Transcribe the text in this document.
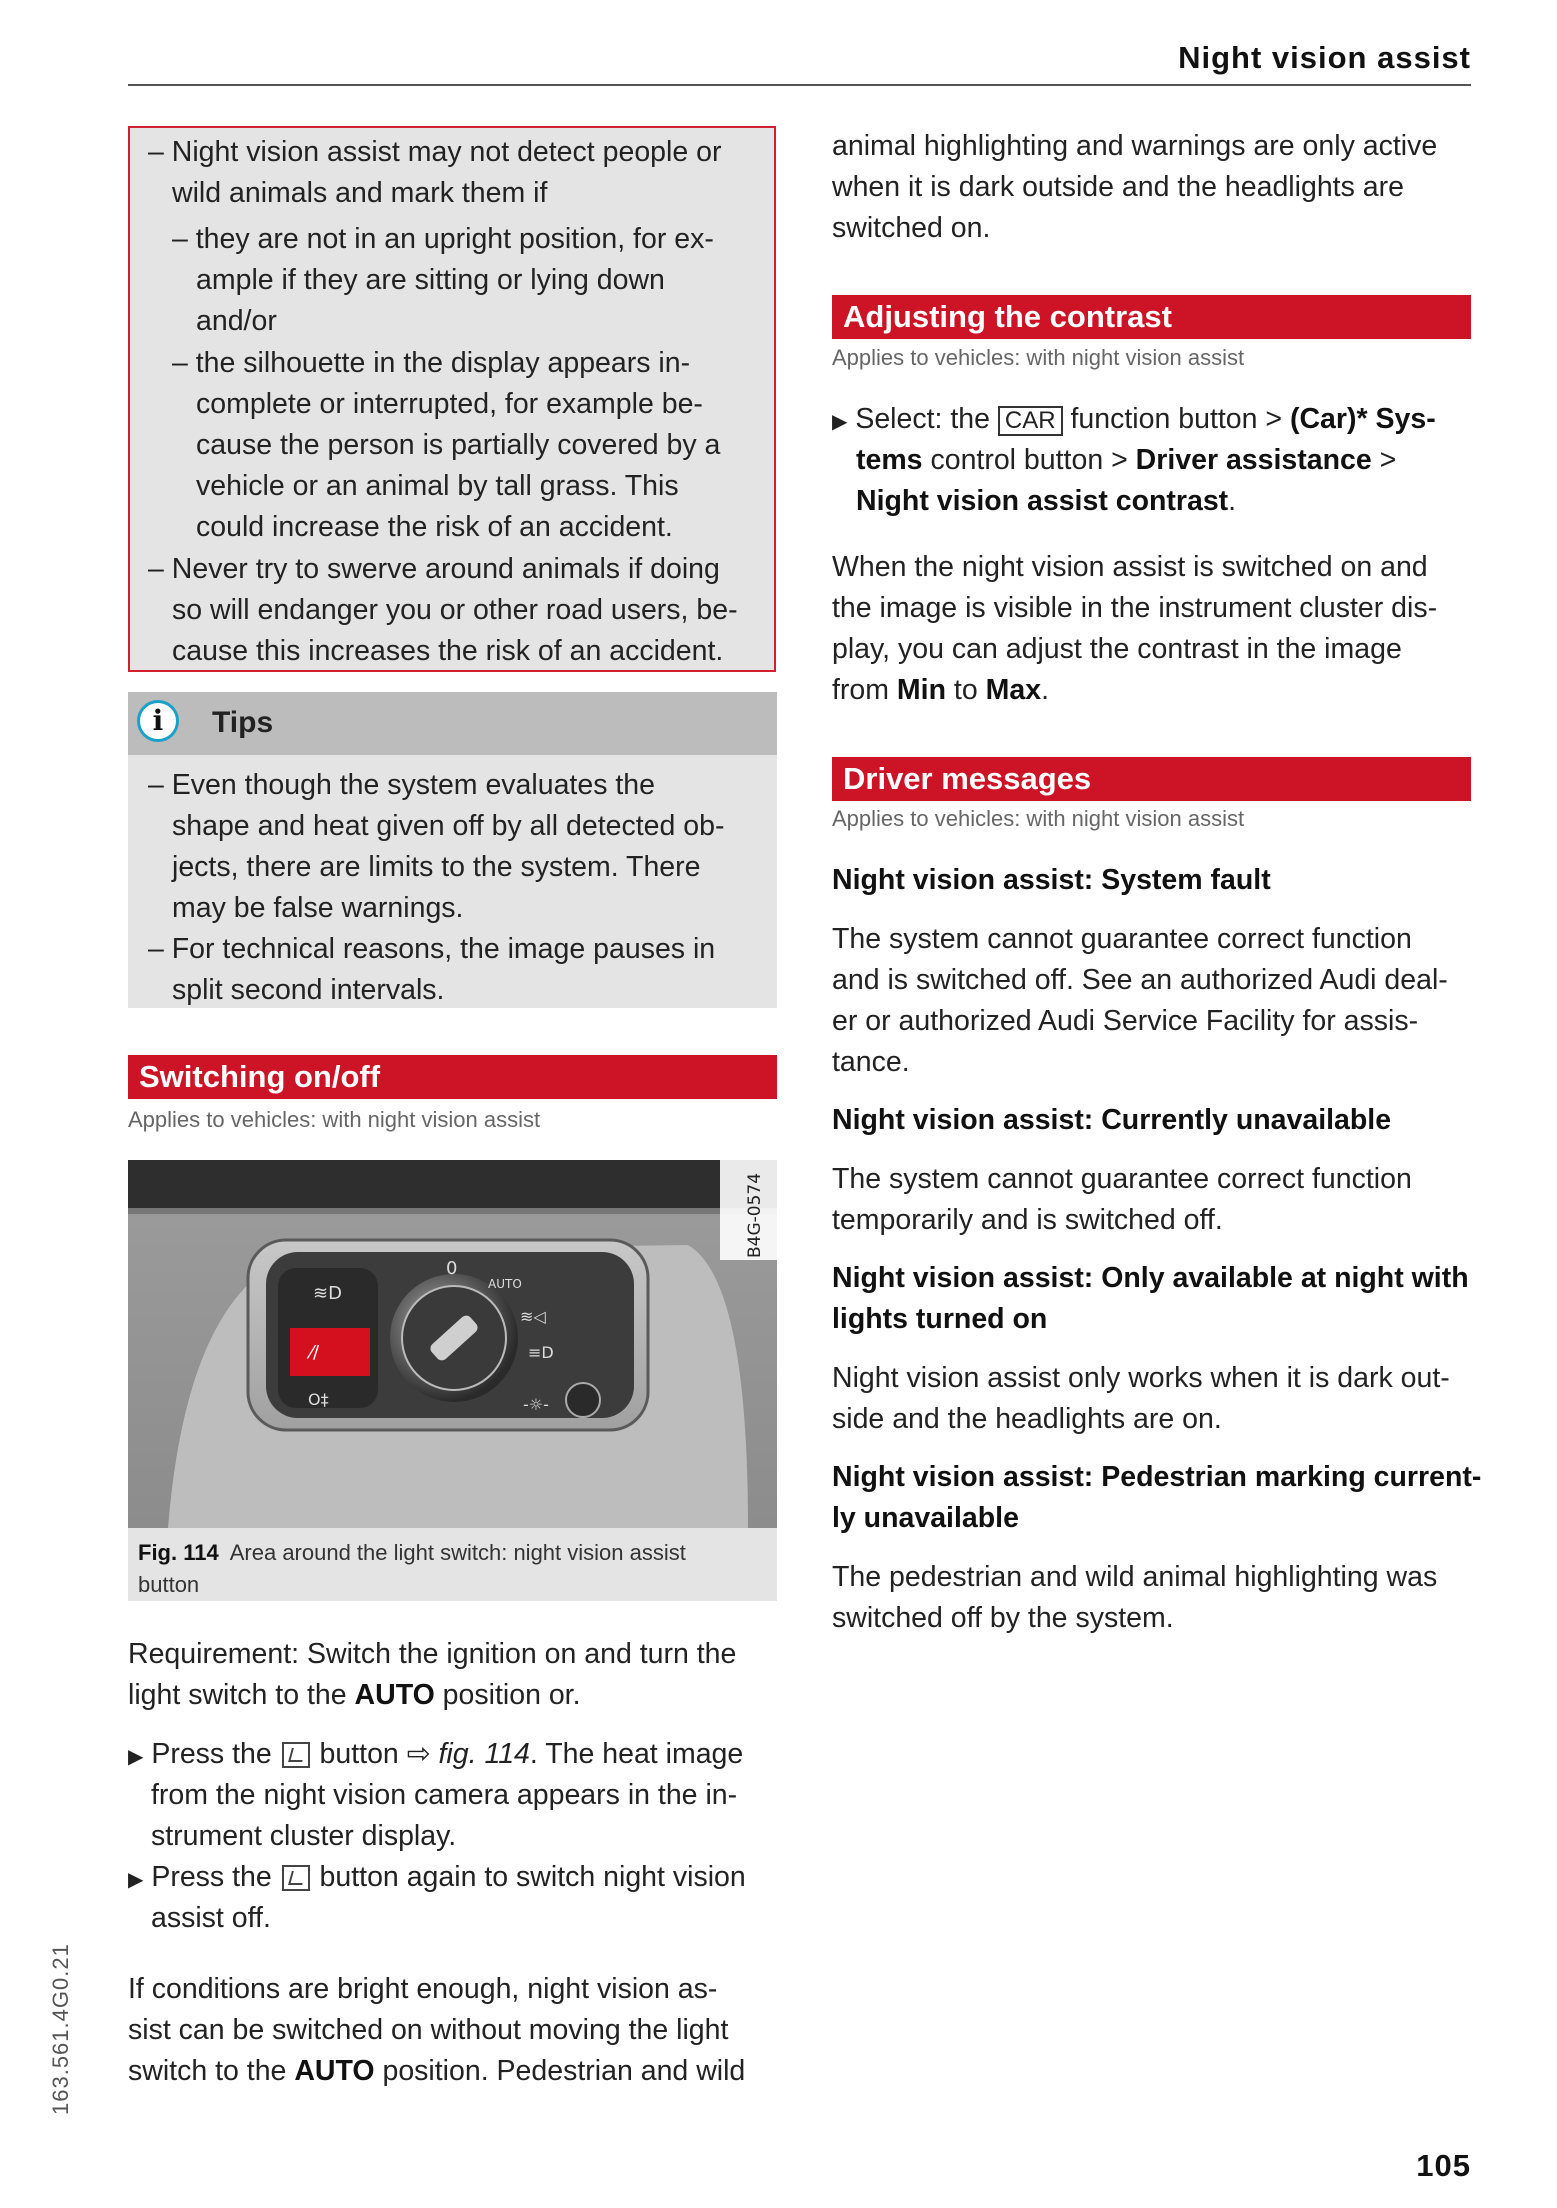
Night vision assist
– Night vision assist may not detect people or
wild animals and mark them if
– they are not in an upright position, for ex-
ample if they are sitting or lying down
and/or
– the silhouette in the display appears in-
complete or interrupted, for example be-
cause the person is partially covered by a
vehicle or an animal by tall grass. This
could increase the risk of an accident.
– Never try to swerve around animals if doing
so will endanger you or other road users, be-
cause this increases the risk of an accident.
i	Tips
– Even though the system evaluates the
shape and heat given off by all detected ob-
jects, there are limits to the system. There
may be false warnings.
– For technical reasons, the image pauses in
split second intervals.
Switching on/off
Applies to vehicles: with night vision assist
≋D
⁄/
O‡
0
AUTO
≋◁
≡D
-☼-
B4G-0574
Fig. 114 Area around the light switch: night vision assist
button
Requirement: Switch the ignition on and turn the
light switch to the AUTO position or.
▶ Press the button ⇨ fig. 114. The heat image
from the night vision camera appears in the in-
strument cluster display.
▶ Press the button again to switch night vision
assist off.
If conditions are bright enough, night vision as-
sist can be switched on without moving the light
switch to the AUTO position. Pedestrian and wild
animal highlighting and warnings are only active
when it is dark outside and the headlights are
switched on.
Adjusting the contrast
Applies to vehicles: with night vision assist
▶ Select: the CAR function button > (Car)* Sys-
tems control button > Driver assistance >
Night vision assist contrast.
When the night vision assist is switched on and
the image is visible in the instrument cluster dis-
play, you can adjust the contrast in the image
from Min to Max.
Driver messages
Applies to vehicles: with night vision assist
Night vision assist: System fault
The system cannot guarantee correct function
and is switched off. See an authorized Audi deal-
er or authorized Audi Service Facility for assis-
tance.
Night vision assist: Currently unavailable
The system cannot guarantee correct function
temporarily and is switched off.
Night vision assist: Only available at night with
lights turned on
Night vision assist only works when it is dark out-
side and the headlights are on.
Night vision assist: Pedestrian marking current-
ly unavailable
The pedestrian and wild animal highlighting was
switched off by the system.
163.561.4G0.21
105
